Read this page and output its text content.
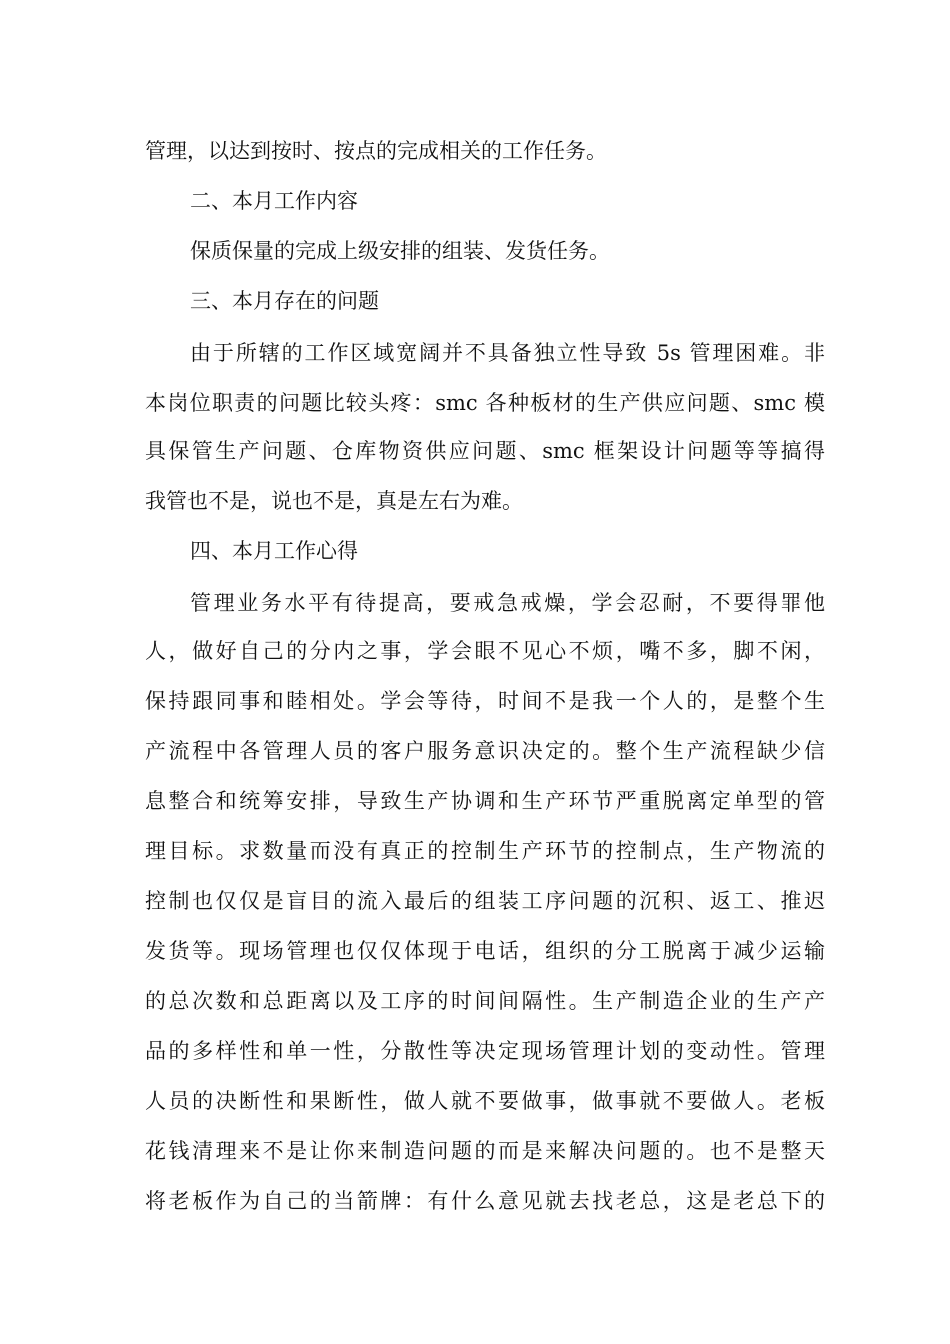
管理，以达到按时、按点的完成相关的工作任务。
二、本月工作内容
保质保量的完成上级安排的组装、发货任务。
三、本月存在的问题
由于所辖的工作区域宽阔并不具备独立性导致 5s 管理困难。非
本岗位职责的问题比较头疼：smc 各种板材的生产供应问题、smc 模
具保管生产问题、仓库物资供应问题、smc 框架设计问题等等搞得
我管也不是，说也不是，真是左右为难。
四、本月工作心得
管理业务水平有待提高，要戒急戒燥，学会忍耐，不要得罪他
人，做好自己的分内之事，学会眼不见心不烦，嘴不多，脚不闲，
保持跟同事和睦相处。学会等待，时间不是我一个人的，是整个生
产流程中各管理人员的客户服务意识决定的。整个生产流程缺少信
息整合和统筹安排，导致生产协调和生产环节严重脱离定单型的管
理目标。求数量而没有真正的控制生产环节的控制点，生产物流的
控制也仅仅是盲目的流入最后的组装工序问题的沉积、返工、推迟
发货等。现场管理也仅仅体现于电话，组织的分工脱离于减少运输
的总次数和总距离以及工序的时间间隔性。生产制造企业的生产产
品的多样性和单一性，分散性等决定现场管理计划的变动性。管理
人员的决断性和果断性，做人就不要做事，做事就不要做人。老板
花钱清理来不是让你来制造问题的而是来解决问题的。也不是整天
将老板作为自己的当箭牌：有什么意见就去找老总，这是老总下的
